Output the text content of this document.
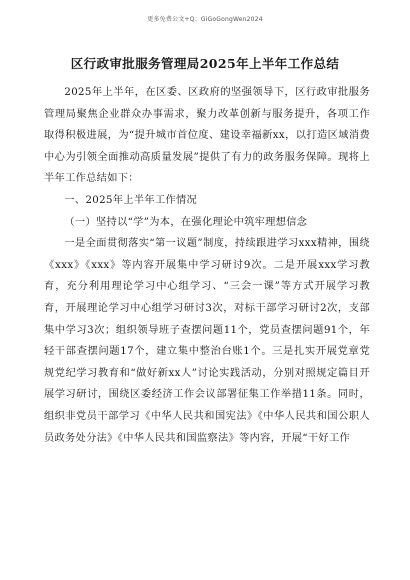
更多免费公文+Q：GiGoGongWen2024
区行政审批服务管理局2025年上半年工作总结

2025年上半年，在区委、区政府的坚强领导下，区行政审批服务管理局聚焦企业群众办事需求，聚力改革创新与服务提升，各项工作取得积极进展，为“提升城市首位度、建设幸福新xx，以打造区域消费中心为引领全面推动高质量发展”提供了有力的政务服务保障。现将上半年工作总结如下：

一、2025年上半年工作情况

（一）坚持以“学”为本，在强化理论中筑牢理想信念

一是全面贯彻落实“第一议题”制度，持续跟进学习xxx精神，围绕《xxx》《xxx》等内容开展集中学习研讨9次。二是开展xxx学习教育，充分利用理论学习中心组学习、“三会一课”等方式开展学习教育，开展理论学习中心组学习研讨3次，对标干部学习研讨2次，支部集中学习3次；组织领导班子查摆问题11个，党员查摆问题91个，年轻干部查摆问题17个，建立集中整治台账1个。三是扎实开展党章党规党纪学习教育和“做好新xx人”讨论实践活动，分别对照规定篇目开展学习研讨，围绕区委经济工作会议部署征集工作举措11条。同时，组织非党员干部学习《中华人民共和国宪法》《中华人民共和国公职人员政务处分法》《中华人民共和国监察法》等内容，开展“干好工作
